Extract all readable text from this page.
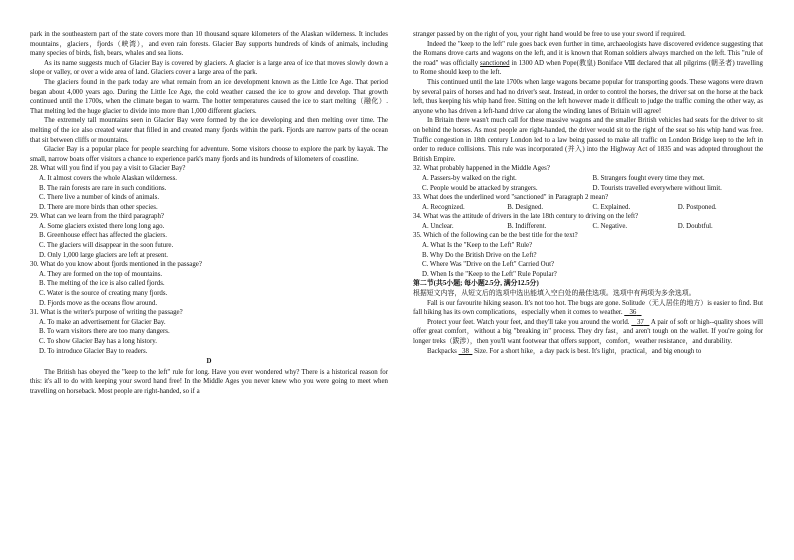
park in the southeastern part of the state covers more than 10 thousand square kilometers of the Alaskan wilderness. It includes mountains，glaciers，fjords（峡湾），and even rain forests. Glacier Bay supports hundreds of kinds of animals, including many species of birds, fish, bears, whales and sea lions.

As its name suggests much of Glacier Bay is covered by glaciers. A glacier is a large area of ice that moves slowly down a slope or valley, or over a wide area of land. Glaciers cover a large area of the park.

The glaciers found in the park today are what remain from an ice development known as the Little Ice Age. That period began about 4,000 years ago. During the Little Ice Age, the cold weather caused the ice to grow and develop. That growth continued until the 1700s, when the climate began to warm. The hotter temperatures caused the ice to start melting（融化）. That melting led the huge glacier to divide into more than 1,000 different glaciers.

The extremely tall mountains seen in Glacier Bay were formed by the ice developing and then melting over time. The melting of the ice also created water that filled in and created many fjords within the park. Fjords are narrow parts of the ocean that sit between cliffs or mountains.

Glacier Bay is a popular place for people searching for adventure. Some visitors choose to explore the park by kayak. The small, narrow boats offer visitors a chance to experience park's many fjords and its hundreds of kilometers of coastline.

28. What will you find if you pay a visit to Glacier Bay?

A. It almost covers the whole Alaskan wilderness.

B. The rain forests are rare in such conditions.

C. There live a number of kinds of animals.

D. There are more birds than other species.

29. What can we learn from the third paragraph?

A. Some glaciers existed there long long ago.

B. Greenhouse effect has affected the glaciers.

C. The glaciers will disappear in the soon future.

D. Only 1,000 large glaciers are left at present.

30. What do you know about fjords mentioned in the passage?

A. They are formed on the top of mountains.

B. The melting of the ice is also called fjords.

C. Water is the source of creating many fjords.

D. Fjords move as the oceans flow around.

31. What is the writer's purpose of writing the passage?

A. To make an advertisement for Glacier Bay.

B. To warn visitors there are too many dangers.

C. To show Glacier Bay has a long history.

D. To introduce Glacier Bay to readers.

D

The British has obeyed the "keep to the left" rule for long. Have you ever wondered why? There is a historical reason for this: it's all to do with keeping your sword hand free! In the Middle Ages you never knew who you were going to meet when travelling on horseback. Most people are right-handed, so if a

stranger passed by on the right of you, your right hand would be free to use your sword if required.

Indeed the "keep to the left" rule goes back even further in time, archaeologists have discovered evidence suggesting that the Romans drove carts and wagons on the left, and it is known that Roman soldiers always marched on the left. This "rule of the road" was officially sanctioned in 1300 AD when Pope(教皇) Boniface Ⅷ declared that all pilgrims (朝圣者) travelling to Rome should keep to the left.

This continued until the late 1700s when large wagons became popular for transporting goods. These wagons were drawn by several pairs of horses and had no driver's seat. Instead, in order to control the horses, the driver sat on the horse at the back left, thus keeping his whip hand free. Sitting on the left however made it difficult to judge the traffic coming the other way, as anyone who has driven a left-hand drive car along the winding lanes of Britain will agree!

In Britain there wasn't much call for these massive wagons and the smaller British vehicles had seats for the driver to sit on behind the horses. As most people are right-handed, the driver would sit to the right of the seat so his whip hand was free. Traffic congestion in 18th century London led to a law being passed to make all traffic on London Bridge keep to the left in order to reduce collisions. This rule was incorporated (并入) into the Highway Act of 1835 and was adopted throughout the British Empire.

32. What probably happened in the Middle Ages?

A. Passers-by walked on the right.	B. Strangers fought every time they met.
C. People would be attacked by strangers.	D. Tourists travelled everywhere without limit.

33. What does the underlined word "sanctioned" in Paragraph 2 mean?

A. Recognized.	B. Designed.	C. Explained.	D. Postponed.

34. What was the attitude of drivers in the late 18th century to driving on the left?

A. Unclear.	B. Indifferent.	C. Negative.	D. Doubtful.

35. Which of the following can be the best title for the text?

A. What Is the "Keep to the Left" Rule?

B. Why Do the British Drive on the Left?

C. Where Was "Drive on the Left" Carried Out?

D. When Is the "Keep to the Left" Rule Popular?

第二节(共5小题; 每小题2.5分, 满分12.5分)

根据短文内容，从短文后的选项中选出能填入空白处的最佳选项。选项中有两项为多余选项。

Fall is our favourite hiking season. It's not too hot. The bugs are gone. Solitude（无人居住的地方）is easier to find. But fall hiking has its own complications，especially when it comes to weather.    36

Protect your feet. Watch your feet, and they'll take you around the world.    37    A pair of soft or high--quality shoes will offer great comfort，without a big "breaking in" process. They dry fast，and aren't tough on the wallet. If you're going for longer treks（跋涉），then you'll want footwear that offers support，comfort，weather resistance，and durability.

Backpacks   38   Size. For a short hike，a day pack is best. It's light，practical，and big enough to
